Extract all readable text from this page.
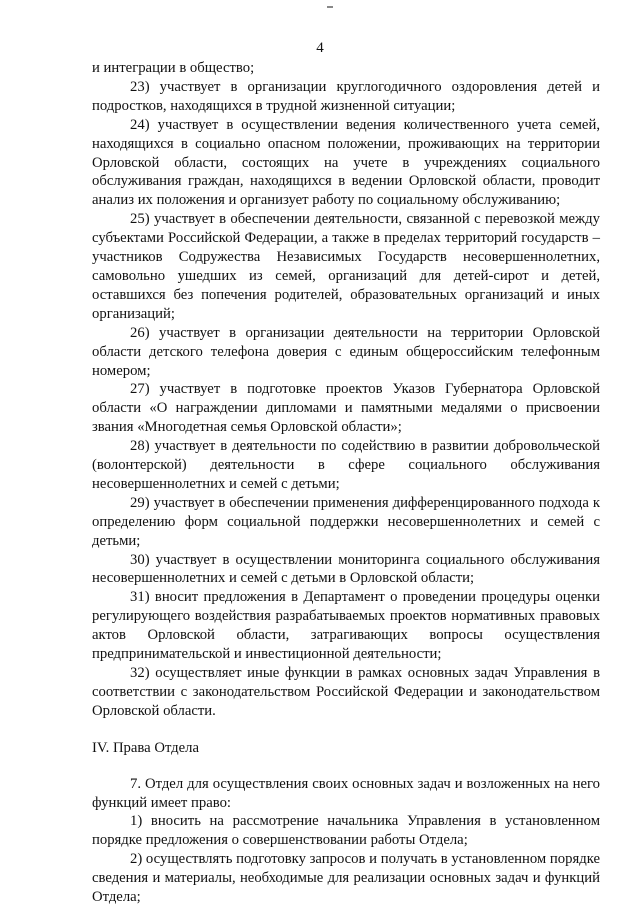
4

и интеграции в общество;

23) участвует в организации круглогодичного оздоровления детей и подростков, находящихся в трудной жизненной ситуации;

24) участвует в осуществлении ведения количественного учета семей, находящихся в социально опасном положении, проживающих на территории Орловской области, состоящих на учете в учреждениях социального обслуживания граждан, находящихся в ведении Орловской области, проводит анализ их положения и организует работу по социальному обслуживанию;

25) участвует в обеспечении деятельности, связанной с перевозкой между субъектами Российской Федерации, а также в пределах территорий государств – участников Содружества Независимых Государств несовершеннолетних, самовольно ушедших из семей, организаций для детей-сирот и детей, оставшихся без попечения родителей, образовательных организаций и иных организаций;

26) участвует в организации деятельности на территории Орловской области детского телефона доверия с единым общероссийским телефонным номером;

27) участвует в подготовке проектов Указов Губернатора Орловской области «О награждении дипломами и памятными медалями о присвоении звания «Многодетная семья Орловской области»;

28) участвует в деятельности по содействию в развитии добровольческой (волонтерской) деятельности в сфере социального обслуживания несовершеннолетних и семей с детьми;

29) участвует в обеспечении применения дифференцированного подхода к определению форм социальной поддержки несовершеннолетних и семей с детьми;

30) участвует в осуществлении мониторинга социального обслуживания несовершеннолетних и семей с детьми в Орловской области;

31) вносит предложения в Департамент о проведении процедуры оценки регулирующего воздействия разрабатываемых проектов нормативных правовых актов Орловской области, затрагивающих вопросы осуществления предпринимательской и инвестиционной деятельности;

32) осуществляет иные функции в рамках основных задач Управления в соответствии с законодательством Российской Федерации и законодательством Орловской области.

IV. Права Отдела

7. Отдел для осуществления своих основных задач и возложенных на него функций имеет право:

1) вносить на рассмотрение начальника Управления в установленном порядке предложения о совершенствовании работы Отдела;

2) осуществлять подготовку запросов и получать в установленном порядке сведения и материалы, необходимые для реализации основных задач и функций Отдела;
